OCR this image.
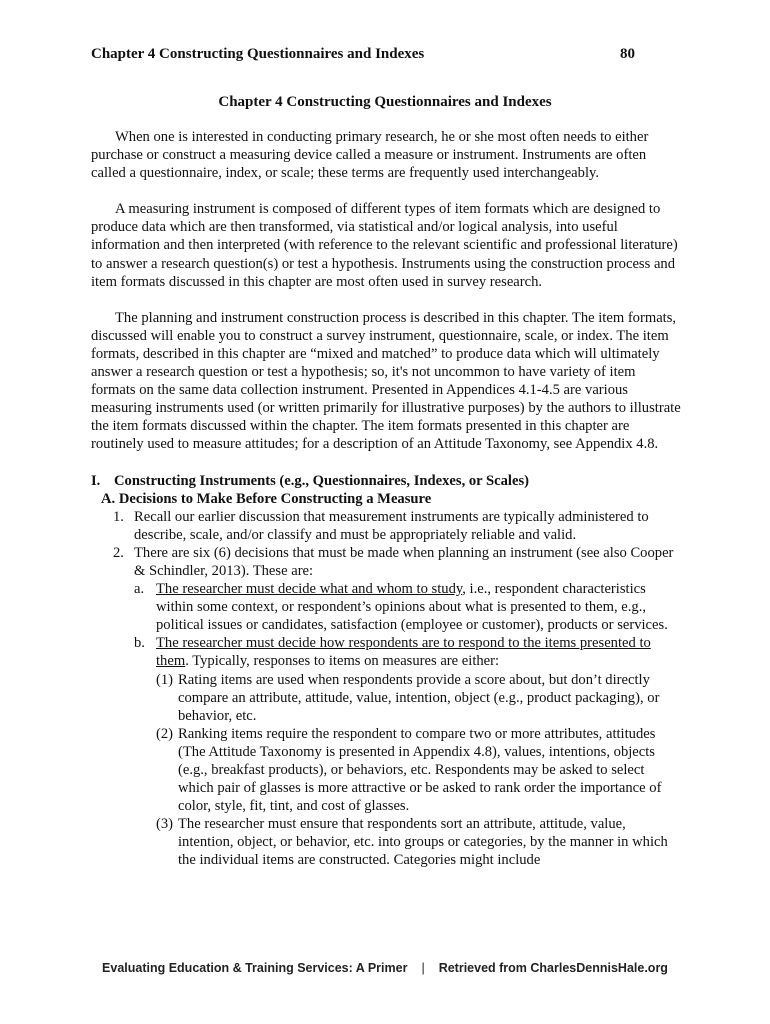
Chapter 4 Constructing Questionnaires and Indexes	80
Chapter 4 Constructing Questionnaires and Indexes

When one is interested in conducting primary research, he or she most often needs to either purchase or construct a measuring device called a measure or instrument. Instruments are often called a questionnaire, index, or scale; these terms are frequently used interchangeably.

A measuring instrument is composed of different types of item formats which are designed to produce data which are then transformed, via statistical and/or logical analysis, into useful information and then interpreted (with reference to the relevant scientific and professional literature) to answer a research question(s) or test a hypothesis. Instruments using the construction process and item formats discussed in this chapter are most often used in survey research.

The planning and instrument construction process is described in this chapter. The item formats, discussed will enable you to construct a survey instrument, questionnaire, scale, or index. The item formats, described in this chapter are “mixed and matched” to produce data which will ultimately answer a research question or test a hypothesis; so, it's not uncommon to have variety of item formats on the same data collection instrument. Presented in Appendices 4.1-4.5 are various measuring instruments used (or written primarily for illustrative purposes) by the authors to illustrate the item formats discussed within the chapter. The item formats presented in this chapter are routinely used to measure attitudes; for a description of an Attitude Taxonomy, see Appendix 4.8.

I. Constructing Instruments (e.g., Questionnaires, Indexes, or Scales)
A. Decisions to Make Before Constructing a Measure
1. Recall our earlier discussion that measurement instruments are typically administered to describe, scale, and/or classify and must be appropriately reliable and valid.
2. There are six (6) decisions that must be made when planning an instrument (see also Cooper & Schindler, 2013). These are:
a. The researcher must decide what and whom to study, i.e., respondent characteristics within some context, or respondent’s opinions about what is presented to them, e.g., political issues or candidates, satisfaction (employee or customer), products or services.
b. The researcher must decide how respondents are to respond to the items presented to them. Typically, responses to items on measures are either:
(1) Rating items are used when respondents provide a score about, but don’t directly compare an attribute, attitude, value, intention, object (e.g., product packaging), or behavior, etc.
(2) Ranking items require the respondent to compare two or more attributes, attitudes (The Attitude Taxonomy is presented in Appendix 4.8), values, intentions, objects (e.g., breakfast products), or behaviors, etc. Respondents may be asked to select which pair of glasses is more attractive or be asked to rank order the importance of color, style, fit, tint, and cost of glasses.
(3) The researcher must ensure that respondents sort an attribute, attitude, value, intention, object, or behavior, etc. into groups or categories, by the manner in which the individual items are constructed. Categories might include
Evaluating Education & Training Services: A Primer | Retrieved from CharlesDennisHale.org
